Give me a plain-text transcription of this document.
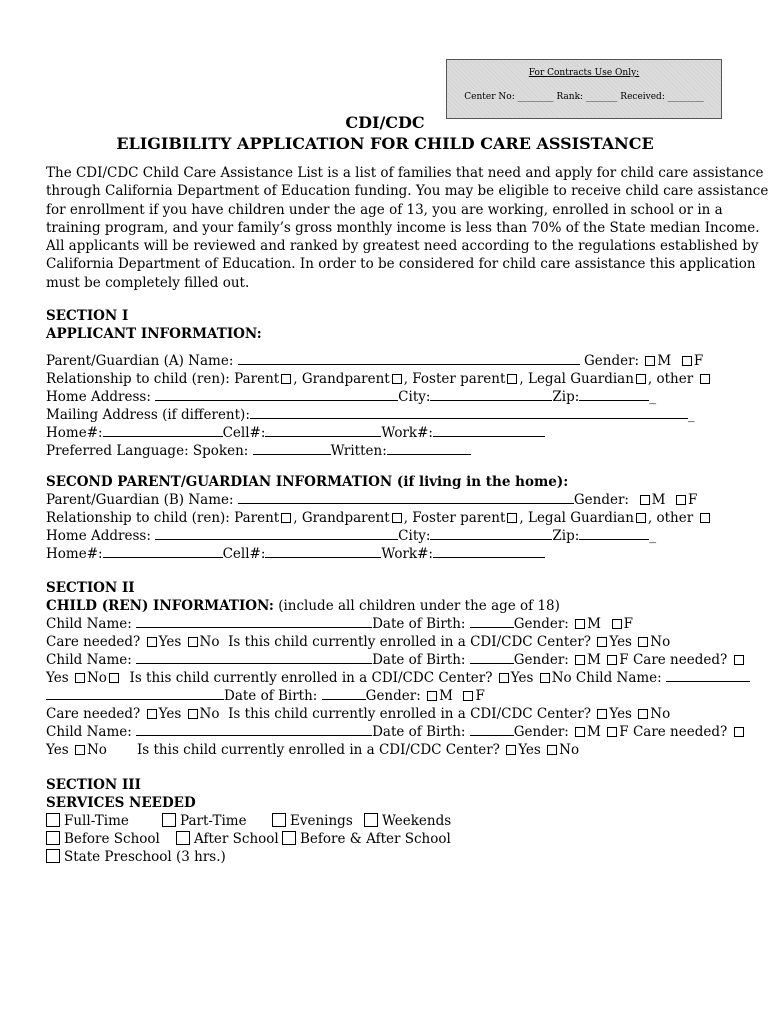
For Contracts Use Only:
Center No: ________ Rank: _______ Received: ________
CDI/CDC
ELIGIBILITY APPLICATION FOR CHILD CARE ASSISTANCE
The CDI/CDC Child Care Assistance List is a list of families that need and apply for child care assistance
through California Department of Education funding. You may be eligible to receive child care assistance
for enrollment if you have children under the age of 13, you are working, enrolled in school or in a
training program, and your family’s gross monthly income is less than 70% of the State median Income.
All applicants will be reviewed and ranked by greatest need according to the regulations established by
California Department of Education. In order to be considered for child care assistance this application
must be completely filled out.
SECTION I
APPLICANT INFORMATION:
Parent/Guardian (A) Name:	Gender: M F
Relationship to child (ren): Parent , Grandparent , Foster parent , Legal Guardian , other
Home Address:	City:	Zip:	_
Mailing Address (if different):	_
Home#:	Cell#:	Work#:
Preferred Language: Spoken:	Written:
SECOND PARENT/GUARDIAN INFORMATION (if living in the home):
Parent/Guardian (B) Name:	Gender: M F
Relationship to child (ren): Parent , Grandparent , Foster parent , Legal Guardian , other
Home Address:	City:	Zip:	_
Home#:	Cell#:	Work#:
SECTION II
CHILD (REN) INFORMATION: (include all children under the age of 18)
Child Name:	Date of Birth:	Gender: M F
Care needed? Yes No Is this child currently enrolled in a CDI/CDC Center? Yes No
Child Name:	Date of Birth:	Gender: M F Care needed?
Yes No Is this child currently enrolled in a CDI/CDC Center? Yes No Child Name:
Date of Birth:	Gender: M F
Care needed? Yes No Is this child currently enrolled in a CDI/CDC Center? Yes No
Child Name:	Date of Birth:	Gender: M F Care needed?
Yes No Is this child currently enrolled in a CDI/CDC Center? Yes No
SECTION III
SERVICES NEEDED
Full-Time	Part-Time	Evenings	Weekends
Before School	After School	Before & After School
State Preschool (3 hrs.)
